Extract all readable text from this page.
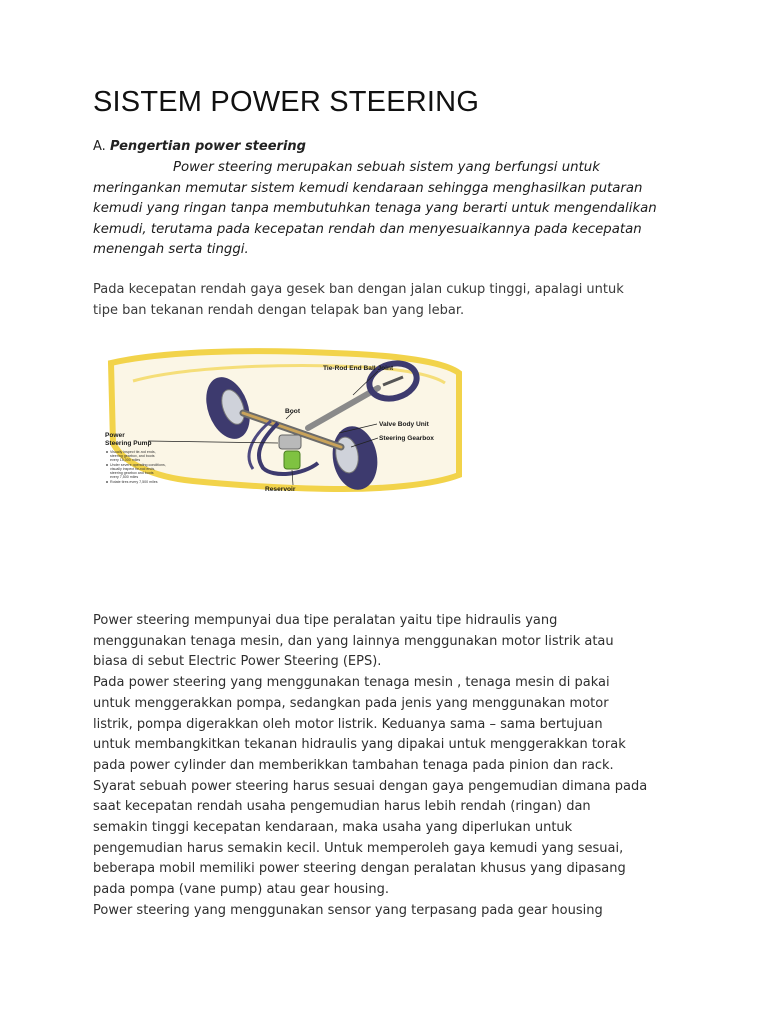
SISTEM POWER STEERING

A. Pengertian power steering

Power steering merupakan sebuah sistem yang berfungsi untuk
meringankan memutar sistem kemudi kendaraan sehingga menghasilkan putaran
kemudi yang ringan tanpa membutuhkan tenaga yang berarti untuk mengendalikan
kemudi, terutama pada kecepatan rendah dan menyesuaikannya pada kecepatan
menengah serta tinggi.

Pada kecepatan rendah gaya gesek ban dengan jalan cukup tinggi, apalagi untuk
tipe ban tekanan rendah dengan telapak ban yang lebar.

Tie-Rod End Ball Joint
Boot
Valve Body Unit
Steering Gearbox
Power
Steering Pump
Reservoir
Visually inspect tie-rod ends,
steering gearbox, and boots
every 15,000 miles
Under severe operating conditions,
visually inspect tie-rod ends,
steering gearbox and boots
every 7,500 miles
Rotate tires every 7,500 miles

Power steering mempunyai dua tipe peralatan yaitu tipe hidraulis yang
menggunakan tenaga mesin, dan yang lainnya menggunakan motor listrik atau
biasa di sebut Electric Power Steering (EPS).
Pada power steering yang menggunakan tenaga mesin , tenaga mesin di pakai
untuk menggerakkan pompa, sedangkan pada jenis yang menggunakan motor
listrik, pompa digerakkan oleh motor listrik. Keduanya sama – sama bertujuan
untuk membangkitkan tekanan hidraulis yang dipakai untuk menggerakkan torak
pada power cylinder dan memberikkan tambahan tenaga pada pinion dan rack.
Syarat sebuah power steering harus sesuai dengan gaya pengemudian dimana pada
saat kecepatan rendah usaha pengemudian harus lebih rendah (ringan) dan
semakin tinggi kecepatan kendaraan, maka usaha yang diperlukan untuk
pengemudian harus semakin kecil. Untuk memperoleh gaya kemudi yang sesuai,
beberapa mobil memiliki power steering dengan peralatan khusus yang dipasang
pada pompa (vane pump) atau gear housing.
Power steering yang menggunakan sensor yang terpasang pada gear housing
